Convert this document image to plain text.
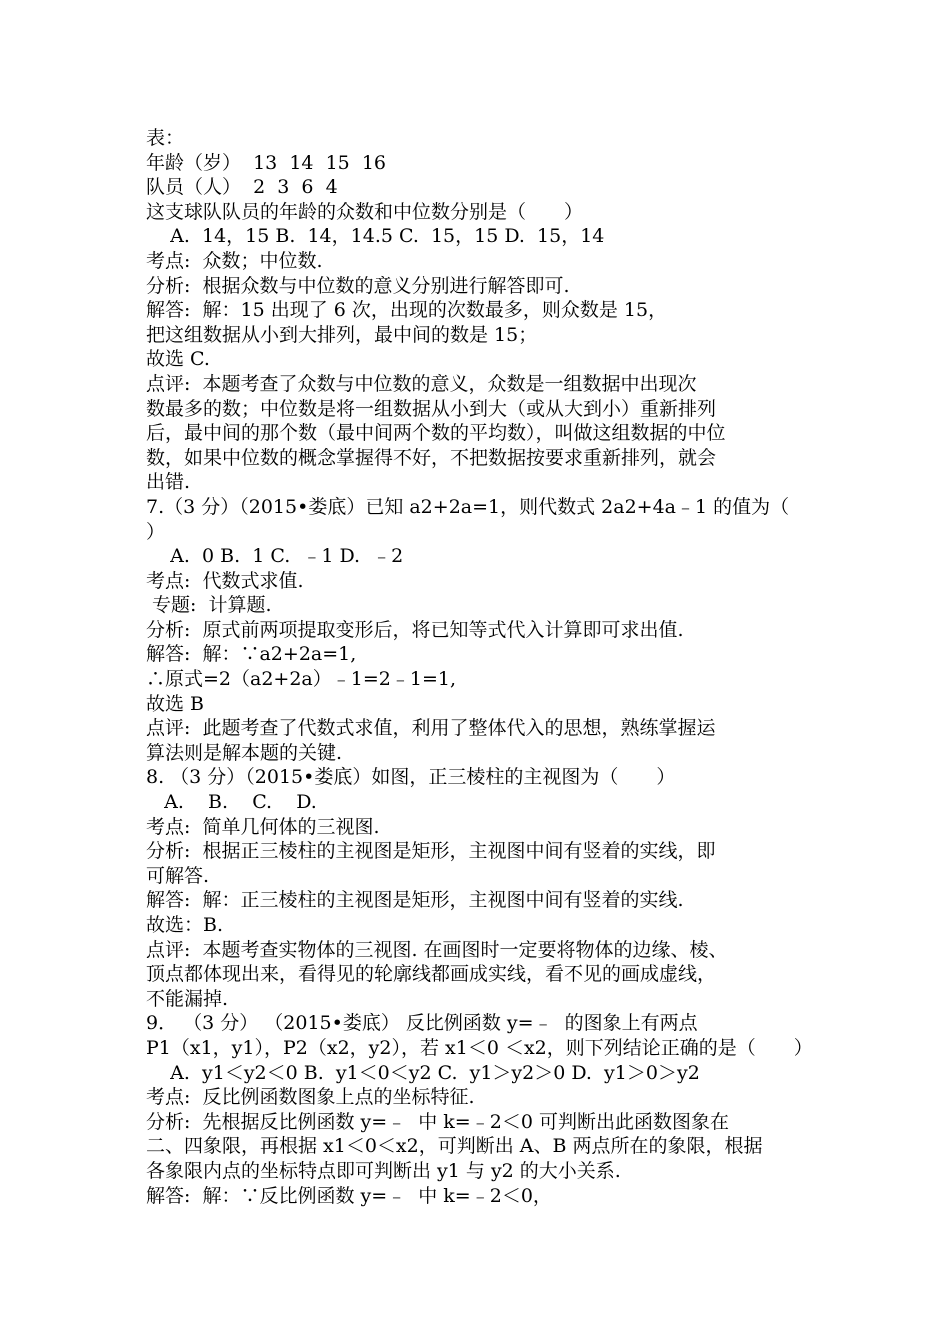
表：
年龄（岁）  13  14  15  16
队员（人）  2  3  6  4
这支球队队员的年龄的众数和中位数分别是（　　）
A.  14，15 B.  14，14.5 C.  15，15 D.  15，14
考点:  众数；中位数.
分析:  根据众数与中位数的意义分别进行解答即可.
解答:  解：15 出现了 6 次，出现的次数最多，则众数是 15，
把这组数据从小到大排列，最中间的数是 15；
故选 C.
点评:  本题考查了众数与中位数的意义，众数是一组数据中出现次
数最多的数；中位数是将一组数据从小到大（或从大到小）重新排列
后，最中间的那个数（最中间两个数的平均数），叫做这组数据的中位
数，如果中位数的概念掌握得不好，不把数据按要求重新排列，就会
出错.
7.（3 分）（2015•娄底）已知 a2+2a=1，则代数式 2a2+4a﹣1 的值为（
）
A.  0 B.  1 C.  ﹣1 D.  ﹣2
考点:  代数式求值.
专题:  计算题.
分析:  原式前两项提取变形后，将已知等式代入计算即可求出值.
解答:  解：∵a2+2a=1,
∴原式=2（a2+2a）﹣1=2﹣1=1,
故选 B
点评:  此题考查了代数式求值，利用了整体代入的思想，熟练掌握运
算法则是解本题的关键.
8. （3 分）（2015•娄底）如图，正三棱柱的主视图为（　　）
A.    B.    C.    D.
考点:  简单几何体的三视图.
分析:  根据正三棱柱的主视图是矩形，主视图中间有竖着的实线，即
可解答.
解答:  解：正三棱柱的主视图是矩形，主视图中间有竖着的实线.
故选：B.
点评:  本题考查实物体的三视图. 在画图时一定要将物体的边缘、棱、
顶点都体现出来，看得见的轮廓线都画成实线，看不见的画成虚线，
不能漏掉.
9． （3 分） （2015•娄底） 反比例函数 y=﹣  的图象上有两点
P1（x1，y1），P2（x2，y2），若 x1＜0 ＜x2，则下列结论正确的是（　　）
A.  y1＜y2＜0 B.  y1＜0＜y2 C.  y1＞y2＞0 D.  y1＞0＞y2
考点:  反比例函数图象上点的坐标特征.
分析:  先根据反比例函数 y=﹣  中 k=﹣2＜0 可判断出此函数图象在
二、四象限，再根据 x1＜0＜x2，可判断出 A、B 两点所在的象限，根据
各象限内点的坐标特点即可判断出 y1 与 y2 的大小关系.
解答:  解：∵反比例函数 y=﹣  中 k=﹣2＜0，
